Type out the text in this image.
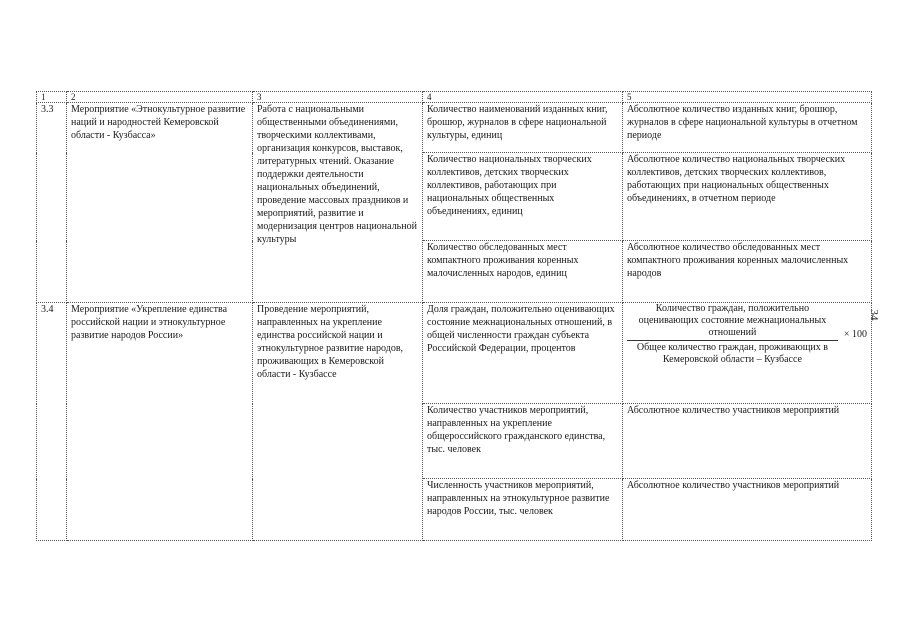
34
1	2	3	4	5
3.3	Мероприятие «Этнокультурное развитие наций и народностей Кемеровской области - Кузбасса»	Работа с национальными общественными объединениями, творческими коллективами, организация конкурсов, выставок, литературных чтений. Оказание поддержки деятельности национальных объединений, проведение массовых праздников и мероприятий, развитие и модернизация центров национальной культуры	Количество наименований изданных книг, брошюр, журналов в сфере национальной культуры, единиц	Абсолютное количество изданных книг, брошюр, журналов в сфере национальной культуры в отчетном периоде
			Количество национальных творческих коллективов, детских творческих коллективов, работающих при национальных общественных объединениях, единиц	Абсолютное количество национальных творческих коллективов, детских творческих коллективов, работающих при национальных общественных объединениях, в отчетном периоде
			Количество обследованных мест компактного проживания коренных малочисленных народов, единиц	Абсолютное количество обследованных мест компактного проживания коренных малочисленных народов
3.4	Мероприятие «Укрепление единства российской нации и этнокультурное развитие народов России»	Проведение мероприятий, направленных на укрепление единства российской нации и этнокультурное развитие народов, проживающих в Кемеровской области - Кузбассе	Доля граждан, положительно оценивающих состояние межнациональных отношений, в общей численности граждан субъекта Российской Федерации, процентов	Количество граждан, положительно оценивающих состояние межнациональных отношений
Общее количество граждан, проживающих в Кемеровской области – Кузбассе
× 100

			Количество участников мероприятий, направленных на укрепление общероссийского гражданского единства,
тыс. человек	Абсолютное количество участников мероприятий
			Численность участников мероприятий, направленных на этнокультурное развитие народов России, тыс. человек	Абсолютное количество участников мероприятий
